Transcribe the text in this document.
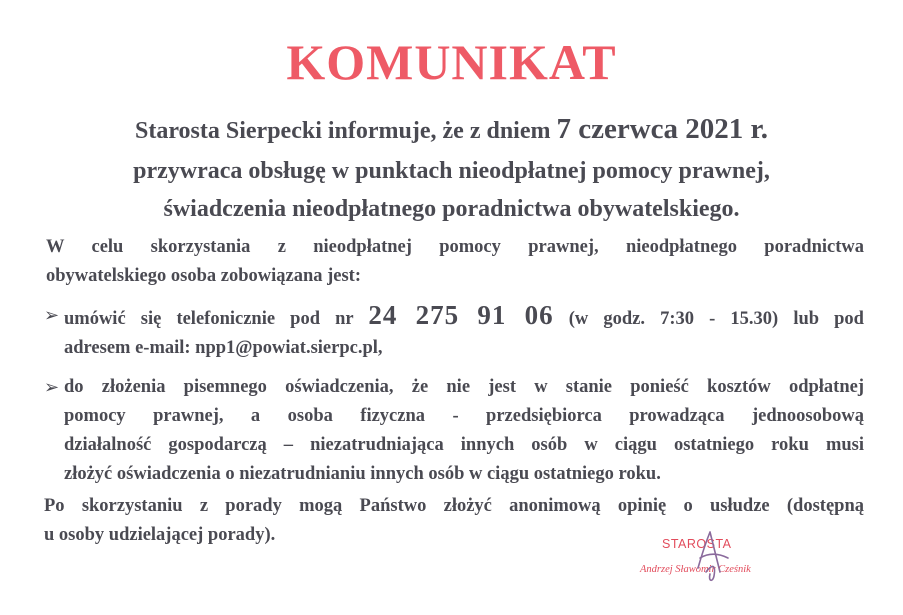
KOMUNIKAT
Starosta Sierpecki informuje, że z dniem 7 czerwca 2021 r.
przywraca obsługę w punktach nieodpłatnej pomocy prawnej,
świadczenia nieodpłatnego poradnictwa obywatelskiego.
W celu skorzystania z nieodpłatnej pomocy prawnej, nieodpłatnego poradnictwa
obywatelskiego osoba zobowiązana jest:
➢ umówić się telefonicznie pod nr 24 275 91 06 (w godz. 7:30 - 15.30) lub pod
adresem e-mail: npp1@powiat.sierpc.pl,
➢ do złożenia pisemnego oświadczenia, że nie jest w stanie ponieść kosztów odpłatnej
pomocy prawnej, a osoba fizyczna - przedsiębiorca prowadząca jednoosobową
działalność gospodarczą – niezatrudniająca innych osób w ciągu ostatniego roku musi
złożyć oświadczenia o niezatrudnianiu innych osób w ciągu ostatniego roku.
Po skorzystaniu z porady mogą Państwo złożyć anonimową opinię o usłudze (dostępną
u osoby udzielającej porady).	STAROSTA
Andrzej Sławomir Cześnik
